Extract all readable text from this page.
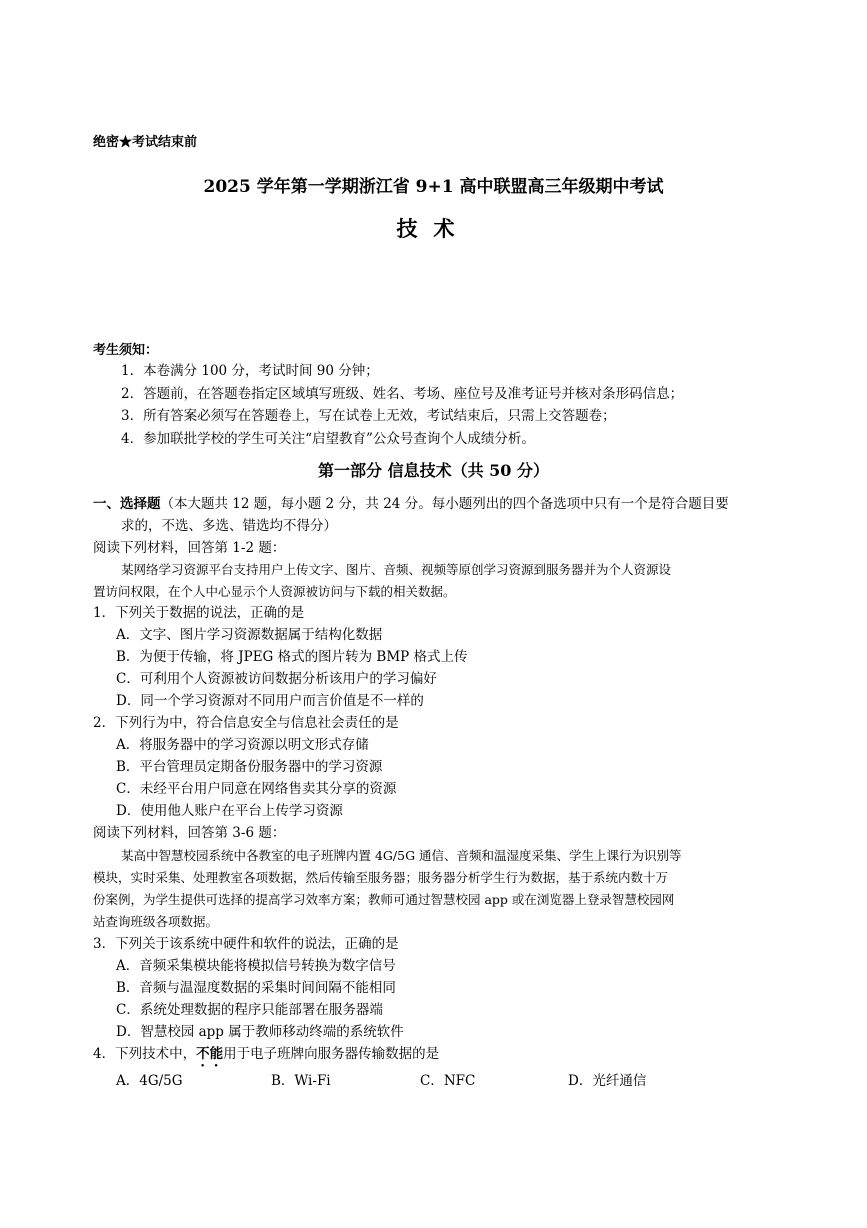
绝密★考试结束前
2025 学年第一学期浙江省 9+1 高中联盟高三年级期中考试
技术
考生须知：
1．本卷满分 100 分，考试时间 90 分钟；
2．答题前，在答题卷指定区域填写班级、姓名、考场、座位号及准考证号并核对条形码信息；
3．所有答案必须写在答题卷上，写在试卷上无效，考试结束后，只需上交答题卷；
4．参加联批学校的学生可关注“启望教育”公众号查询个人成绩分析。
第一部分 信息技术（共 50 分）
一、选择题（本大题共 12 题，每小题 2 分，共 24 分。每小题列出的四个备选项中只有一个是符合题目要
求的，不选、多选、错选均不得分）
阅读下列材料，回答第 1-2 题：
某网络学习资源平台支持用户上传文字、图片、音频、视频等原创学习资源到服务器并为个人资源设
置访问权限，在个人中心显示个人资源被访问与下载的相关数据。
1．下列关于数据的说法，正确的是
A．文字、图片学习资源数据属于结构化数据
B．为便于传输，将 JPEG 格式的图片转为 BMP 格式上传
C．可利用个人资源被访问数据分析该用户的学习偏好
D．同一个学习资源对不同用户而言价值是不一样的
2．下列行为中，符合信息安全与信息社会责任的是
A．将服务器中的学习资源以明文形式存储
B．平台管理员定期备份服务器中的学习资源
C．未经平台用户同意在网络售卖其分享的资源
D．使用他人账户在平台上传学习资源
阅读下列材料，回答第 3-6 题：
某高中智慧校园系统中各教室的电子班牌内置 4G/5G 通信、音频和温湿度采集、学生上课行为识别等
模块，实时采集、处理教室各项数据，然后传输至服务器；服务器分析学生行为数据，基于系统内数十万
份案例，为学生提供可选择的提高学习效率方案；教师可通过智慧校园 app 或在浏览器上登录智慧校园网
站查询班级各项数据。
3．下列关于该系统中硬件和软件的说法，正确的是
A．音频采集模块能将模拟信号转换为数字信号
B．音频与温湿度数据的采集时间间隔不能相同
C．系统处理数据的程序只能部署在服务器端
D．智慧校园 app 属于教师移动终端的系统软件
4．下列技术中，不能用于电子班牌向服务器传输数据的是
A．4G/5G	B．Wi-Fi	C．NFC	D．光纤通信
